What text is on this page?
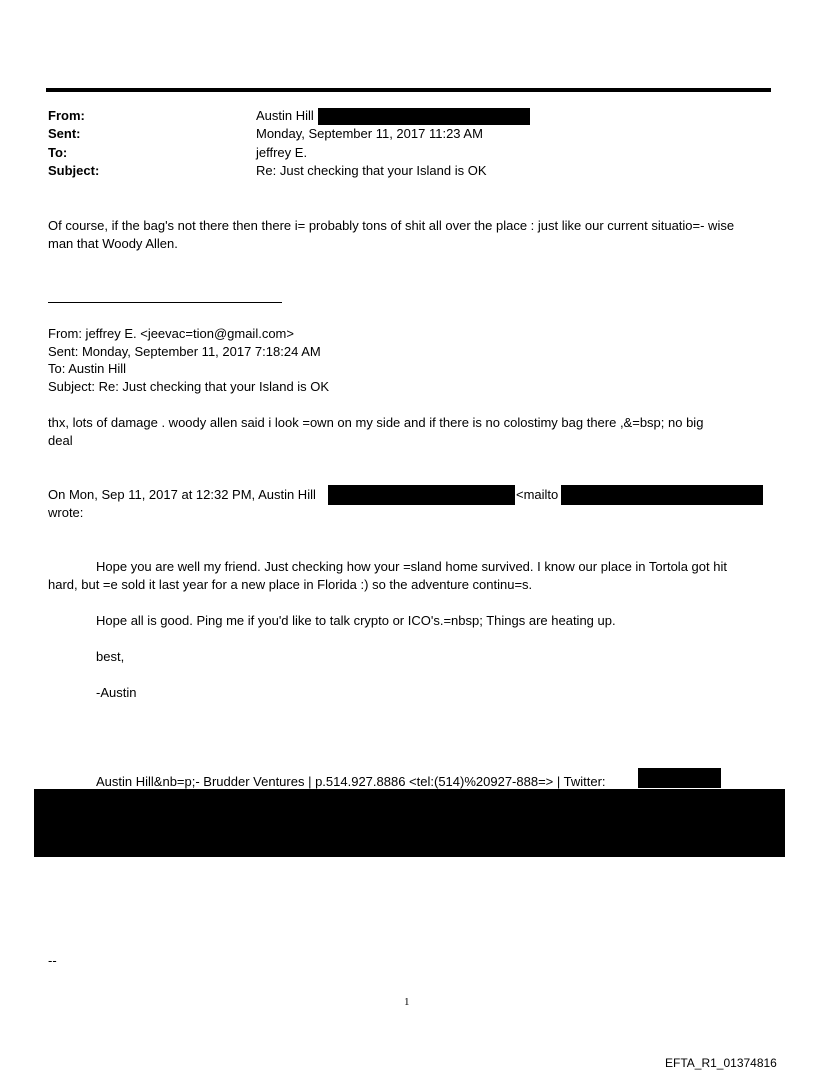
From:	Austin Hill
Sent:	Monday, September 11, 2017 11:23 AM
To:	jeffrey E.
Subject:	Re: Just checking that your Island is OK
Of course, if the bag's not there then there i= probably tons of shit all over the place : just like our current situatio=- wise
man that Woody Allen.
From: jeffrey E. <jeevac=tion@gmail.com>
Sent: Monday, September 11, 2017 7:18:24 AM
To: Austin Hill
Subject: Re: Just checking that your Island is OK
thx, lots of damage . woody allen said i look =own on my side and if there is no colostimy bag there ,&=bsp; no big
deal
On Mon, Sep 11, 2017 at 12:32 PM, Austin Hill	<mailto
wrote:
Hope you are well my friend. Just checking how your =sland home survived. I know our place in Tortola got hit
hard, but =e sold it last year for a new place in Florida :) so the adventure continu=s.
Hope all is good. Ping me if you'd like to talk crypto or ICO's.=nbsp; Things are heating up.
best,
-Austin
Austin Hill&nb=p;- Brudder Ventures | p.514.927.8886 <tel:(514)%20927-888=> | Twitter:
--
1
EFTA_R1_01374816
